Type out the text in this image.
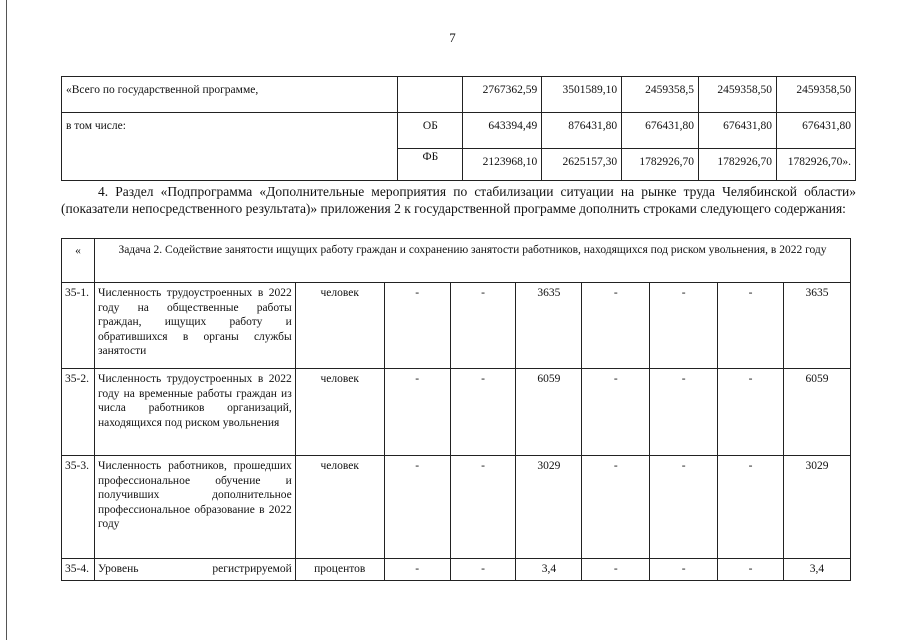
7
«Всего по государственной программе,		2767362,59	3501589,10	2459358,5	2459358,50	2459358,50
в том числе:	ОБ	643394,49	876431,80	676431,80	676431,80	676431,80
	ФБ	2123968,10	2625157,30	1782926,70	1782926,70	1782926,70».
4. Раздел «Подпрограмма «Дополнительные мероприятия по стабилизации ситуации на рынке труда Челябинской области» (показатели непосредственного результата)» приложения 2 к государственной программе дополнить строками следующего содержания:
«	Задача 2. Содействие занятости ищущих работу граждан и сохранению занятости работников, находящихся под риском увольнения, в 2022 году								
35-1.	Численность трудоустроенных в 2022 году на общественные работы граждан, ищущих работу и обратившихся в органы службы занятости	человек	-	-	3635	-	-	-	3635
35-2.	Численность трудоустроенных в 2022 году на временные работы граждан из числа работников организаций, находящихся под риском увольнения	человек	-	-	6059	-	-	-	6059
35-3.	Численность работников, прошедших профессиональное обучение и получивших дополнительное профессиональное образование в 2022 году	человек	-	-	3029	-	-	-	3029
35-4.	Уровень регистрируемой	процентов	-	-	3,4	-	-	-	3,4
